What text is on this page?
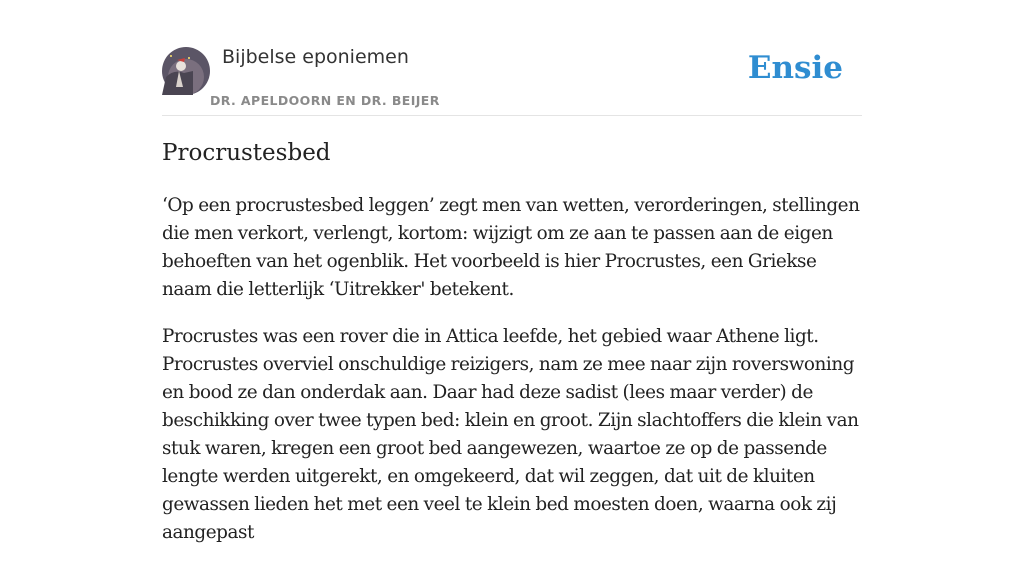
Bijbelse eponiemen
DR. APELDOORN EN DR. BEIJER
Ensie
Procrustesbed

‘Op een procrustesbed leggen’ zegt men van wetten, verorderingen, stellingen die men verkort, verlengt, kortom: wijzigt om ze aan te passen aan de eigen behoeften van het ogenblik. Het voorbeeld is hier Procrustes, een Griekse naam die letterlijk ‘Uitrekker' betekent.

Procrustes was een rover die in Attica leefde, het gebied waar Athene ligt. Procrustes overviel onschuldige reizigers, nam ze mee naar zijn roverswoning en bood ze dan onderdak aan. Daar had deze sadist (lees maar verder) de beschikking over twee typen bed: klein en groot. Zijn slachtoffers die klein van stuk waren, kregen een groot bed aangewezen, waartoe ze op de passende lengte werden uitgerekt, en omgekeerd, dat wil zeggen, dat uit de kluiten gewassen lieden het met een veel te klein bed moesten doen, waarna ook zij aangepast
